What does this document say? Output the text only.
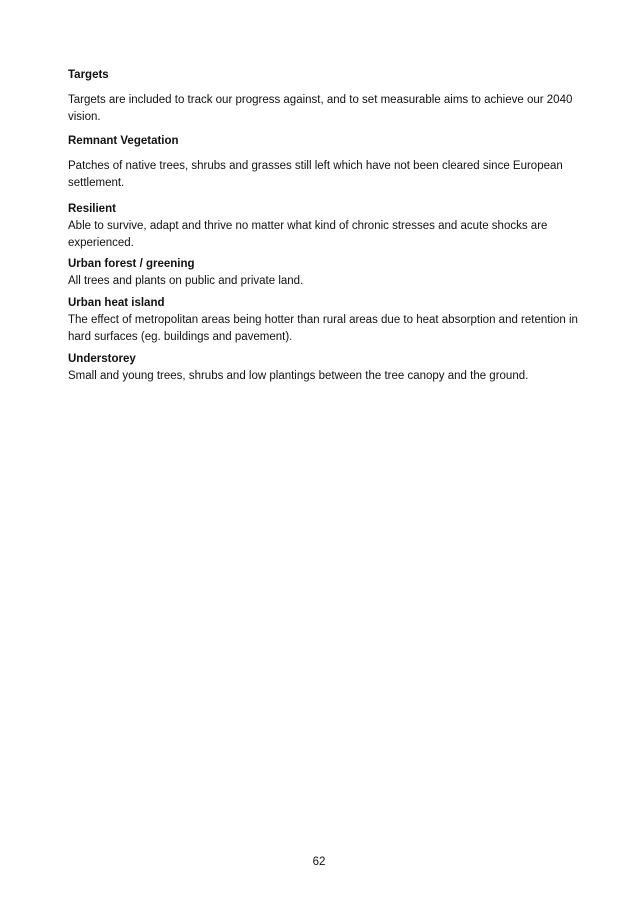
Targets

Targets are included to track our progress against, and to set measurable aims to achieve our 2040 vision.

Remnant Vegetation

Patches of native trees, shrubs and grasses still left which have not been cleared since European settlement.

Resilient

Able to survive, adapt and thrive no matter what kind of chronic stresses and acute shocks are experienced.

Urban forest / greening

All trees and plants on public and private land.

Urban heat island

The effect of metropolitan areas being hotter than rural areas due to heat absorption and retention in hard surfaces (eg. buildings and pavement).

Understorey

Small and young trees, shrubs and low plantings between the tree canopy and the ground.

62
